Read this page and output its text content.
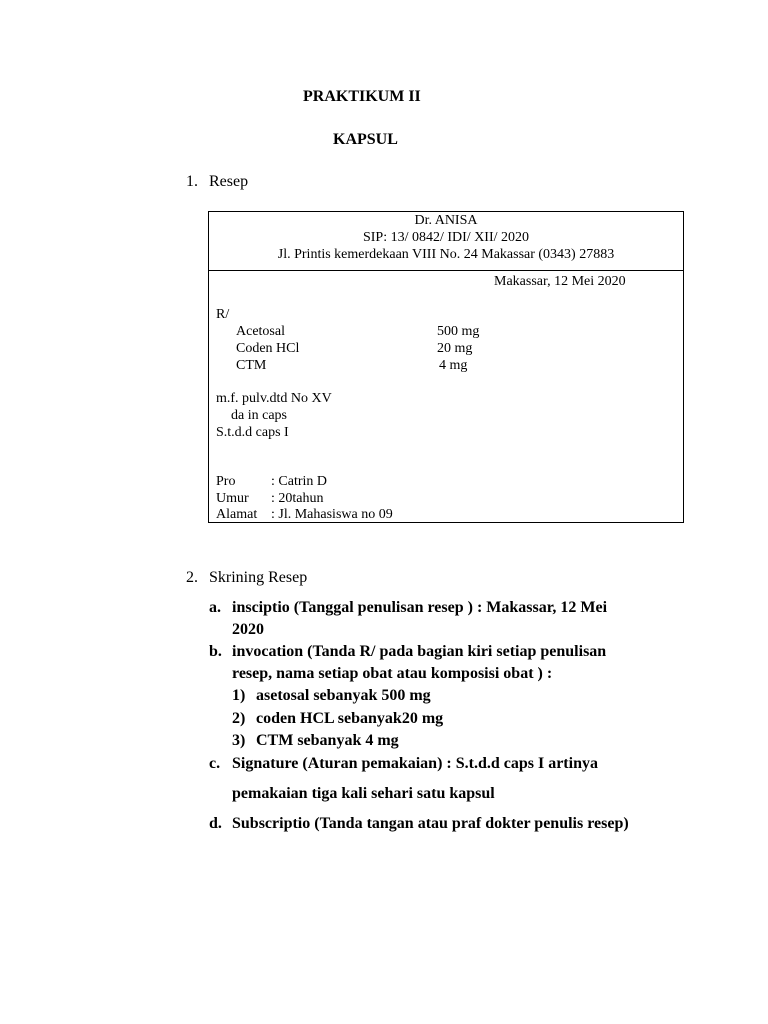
PRAKTIKUM II
KAPSUL
1. Resep
Dr. ANISA
SIP: 13/ 0842/ IDI/ XII/ 2020
Jl. Printis kemerdekaan VIII No. 24 Makassar (0343) 27883
Makassar, 12 Mei 2020
R/
Acetosal	500 mg
Coden HCl	20 mg
CTM	4 mg
m.f. pulv.dtd No XV
da in caps
S.t.d.d caps I
Pro	: Catrin D
Umur : 20tahun
Alamat : Jl. Mahasiswa no 09
2. Skrining Resep
a. insciptio (Tanggal penulisan resep ) : Makassar, 12 Mei
2020
b. invocation (Tanda R/ pada bagian kiri setiap penulisan
resep, nama setiap obat atau komposisi obat ) :
1) asetosal sebanyak 500 mg
2) coden HCL sebanyak20 mg
3) CTM sebanyak 4 mg
c. Signature (Aturan pemakaian) : S.t.d.d caps I artinya
pemakaian tiga kali sehari satu kapsul
d. Subscriptio (Tanda tangan atau praf dokter penulis resep)
